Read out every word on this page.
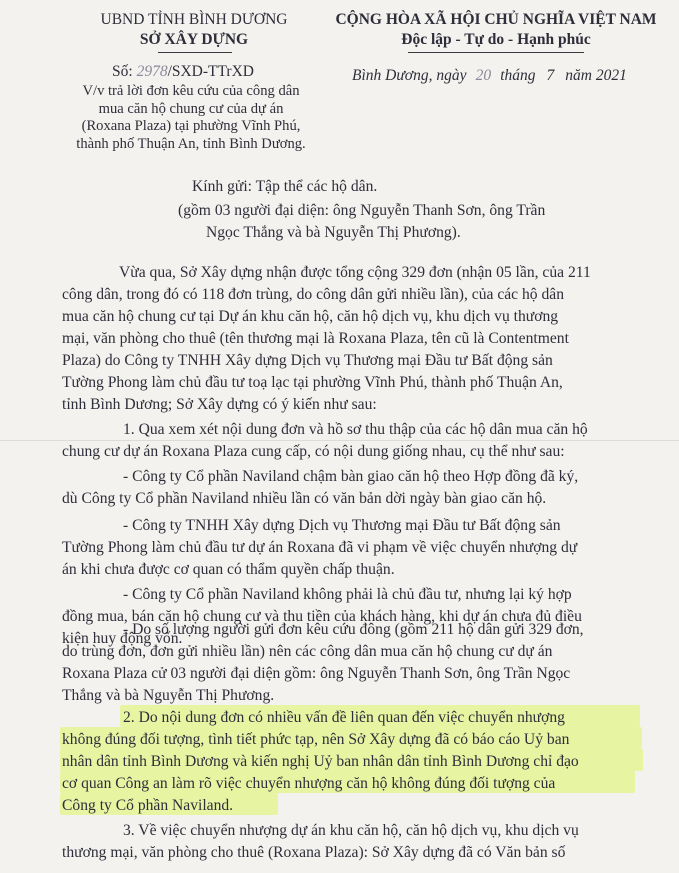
UBND TỈNH BÌNH DƯƠNG
SỞ XÂY DỰNG
CỘNG HÒA XÃ HỘI CHỦ NGHĨA VIỆT NAM
Độc lập - Tự do - Hạnh phúc
Số: 2978/SXD-TTrXD	Bình Dương, ngày 20 tháng 7 năm 2021
V/v trả lời đơn kêu cứu của công dân
mua căn hộ chung cư của dự án
(Roxana Plaza) tại phường Vĩnh Phú,
thành phố Thuận An, tỉnh Bình Dương.
Kính gửi: Tập thể các hộ dân.
(gồm 03 người đại diện: ông Nguyễn Thanh Sơn, ông Trần
Ngọc Thắng và bà Nguyễn Thị Phương).
Vừa qua, Sở Xây dựng nhận được tổng cộng 329 đơn (nhận 05 lần, của 211
công dân, trong đó có 118 đơn trùng, do công dân gửi nhiều lần), của các hộ dân
mua căn hộ chung cư tại Dự án khu căn hộ, căn hộ dịch vụ, khu dịch vụ thương
mại, văn phòng cho thuê (tên thương mại là Roxana Plaza, tên cũ là Contentment
Plaza) do Công ty TNHH Xây dựng Dịch vụ Thương mại Đầu tư Bất động sản
Tường Phong làm chủ đầu tư toạ lạc tại phường Vĩnh Phú, thành phố Thuận An,
tỉnh Bình Dương; Sở Xây dựng có ý kiến như sau:
1. Qua xem xét nội dung đơn và hồ sơ thu thập của các hộ dân mua căn hộ
chung cư dự án Roxana Plaza cung cấp, có nội dung giống nhau, cụ thể như sau:
- Công ty Cổ phần Naviland chậm bàn giao căn hộ theo Hợp đồng đã ký,
dù Công ty Cổ phần Naviland nhiều lần có văn bản dời ngày bàn giao căn hộ.
- Công ty TNHH Xây dựng Dịch vụ Thương mại Đầu tư Bất động sản
Tường Phong làm chủ đầu tư dự án Roxana đã vi phạm về việc chuyển nhượng dự
án khi chưa được cơ quan có thẩm quyền chấp thuận.
- Công ty Cổ phần Naviland không phải là chủ đầu tư, nhưng lại ký hợp
đồng mua, bán căn hộ chung cư và thu tiền của khách hàng, khi dự án chưa đủ điều
kiện huy động vốn.
- Do số lượng người gửi đơn kêu cứu đông (gồm 211 hộ dân gửi 329 đơn,
do trùng đơn, đơn gửi nhiều lần) nên các công dân mua căn hộ chung cư dự án
Roxana Plaza cử 03 người đại diện gồm: ông Nguyễn Thanh Sơn, ông Trần Ngọc
Thắng và bà Nguyễn Thị Phương.
2. Do nội dung đơn có nhiều vấn đề liên quan đến việc chuyển nhượng
không đúng đối tượng, tình tiết phức tạp, nên Sở Xây dựng đã có báo cáo Uỷ ban
nhân dân tỉnh Bình Dương và kiến nghị Uỷ ban nhân dân tỉnh Bình Dương chỉ đạo
cơ quan Công an làm rõ việc chuyển nhượng căn hộ không đúng đối tượng của
Công ty Cổ phần Naviland.
3. Về việc chuyển nhượng dự án khu căn hộ, căn hộ dịch vụ, khu dịch vụ
thương mại, văn phòng cho thuê (Roxana Plaza): Sở Xây dựng đã có Văn bản số
